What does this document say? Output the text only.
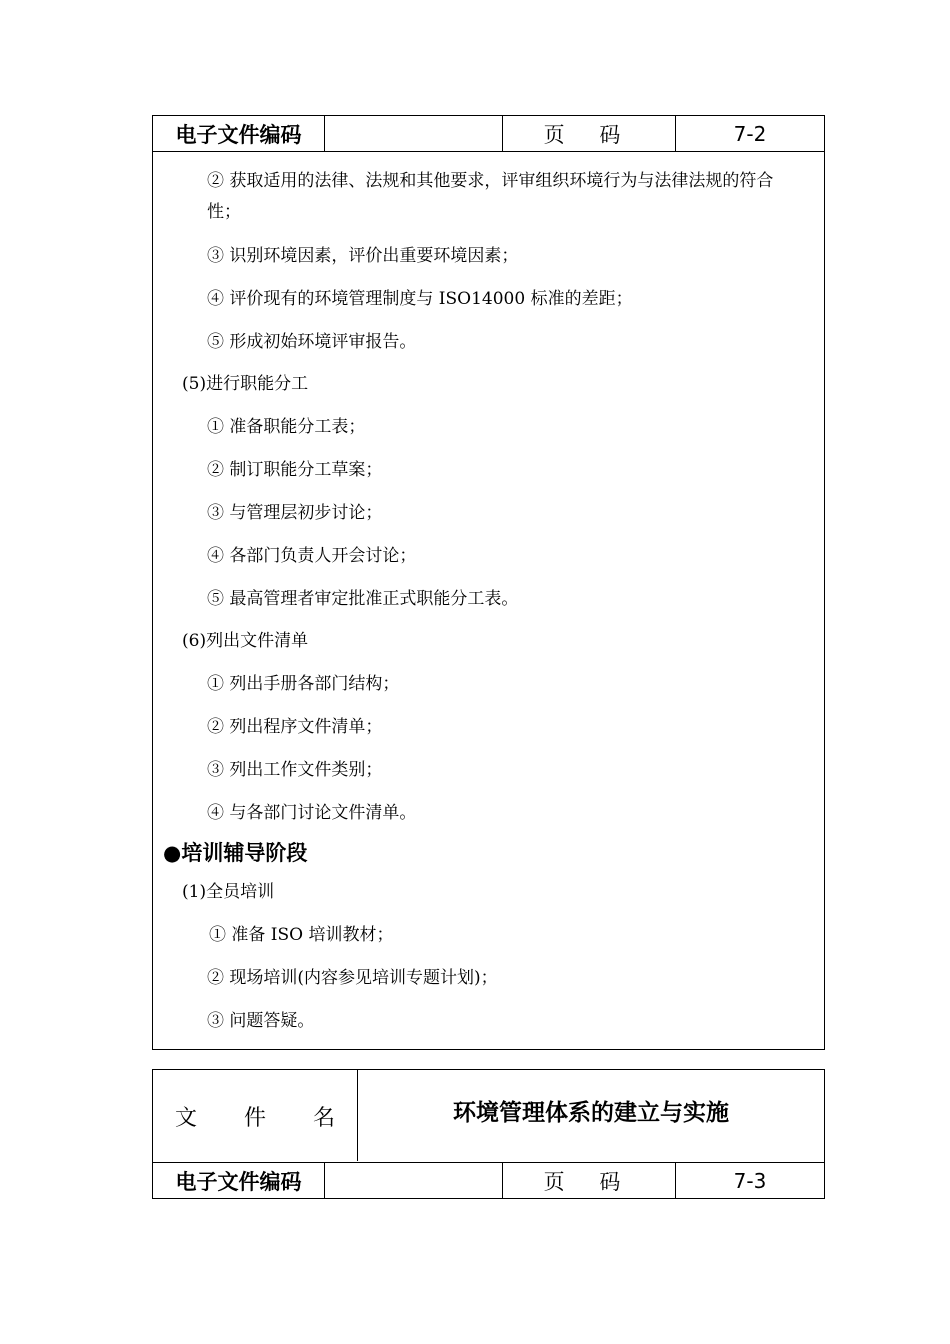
电子文件编码	页 码	7-2
② 获取适用的法律、法规和其他要求，评审组织环境行为与法律法规的符合性；
③ 识别环境因素，评价出重要环境因素；
④ 评价现有的环境管理制度与 ISO14000 标准的差距；
⑤ 形成初始环境评审报告。
(5)进行职能分工
① 准备职能分工表；
② 制订职能分工草案；
③ 与管理层初步讨论；
④ 各部门负责人开会讨论；
⑤ 最高管理者审定批准正式职能分工表。
(6)列出文件清单
① 列出手册各部门结构；
② 列出程序文件清单；
③ 列出工作文件类别；
④ 与各部门讨论文件清单。
●培训辅导阶段
(1)全员培训
① 准备 ISO 培训教材；
② 现场培训(内容参见培训专题计划)；
③ 问题答疑。
文 件 名	环境管理体系的建立与实施
电子文件编码	页 码	7-3
